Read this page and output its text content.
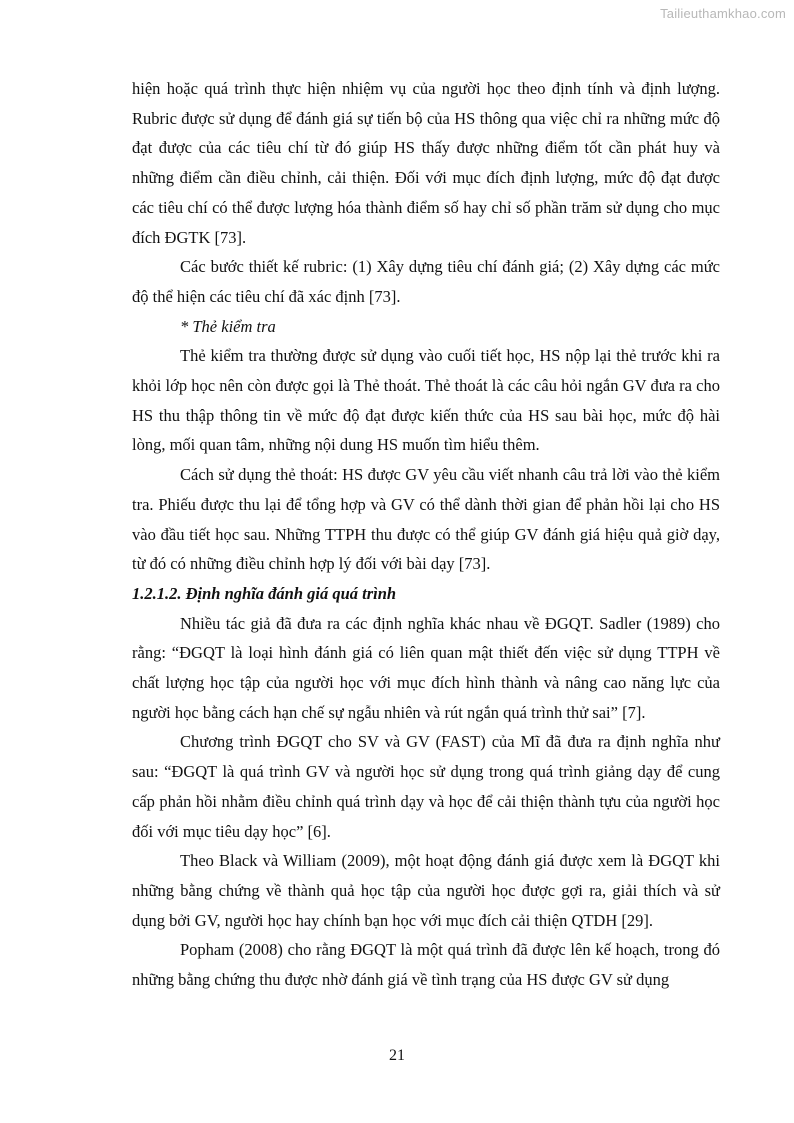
Tailieuthamkhao.com

hiện hoặc quá trình thực hiện nhiệm vụ của người học theo định tính và định lượng. Rubric được sử dụng để đánh giá sự tiến bộ của HS thông qua việc chỉ ra những mức độ đạt được của các tiêu chí từ đó giúp HS thấy được những điểm tốt cần phát huy và những điểm cần điều chỉnh, cải thiện. Đối với mục đích định lượng, mức độ đạt được các tiêu chí có thể được lượng hóa thành điểm số hay chỉ số phần trăm sử dụng cho mục đích ĐGTK [73].

Các bước thiết kế rubric: (1) Xây dựng tiêu chí đánh giá; (2) Xây dựng các mức độ thể hiện các tiêu chí đã xác định [73].

* Thẻ kiểm tra

Thẻ kiểm tra thường được sử dụng vào cuối tiết học, HS nộp lại thẻ trước khi ra khỏi lớp học nên còn được gọi là Thẻ thoát. Thẻ thoát là các câu hỏi ngắn GV đưa ra cho HS thu thập thông tin về mức độ đạt được kiến thức của HS sau bài học, mức độ hài lòng, mối quan tâm, những nội dung HS muốn tìm hiểu thêm.

Cách sử dụng thẻ thoát: HS được GV yêu cầu viết nhanh câu trả lời vào thẻ kiểm tra. Phiếu được thu lại để tổng hợp và GV có thể dành thời gian để phản hồi lại cho HS vào đầu tiết học sau. Những TTPH thu được có thể giúp GV đánh giá hiệu quả giờ dạy, từ đó có những điều chỉnh hợp lý đối với bài dạy [73].

1.2.1.2. Định nghĩa đánh giá quá trình

Nhiều tác giả đã đưa ra các định nghĩa khác nhau về ĐGQT. Sadler (1989) cho rằng: “ĐGQT là loại hình đánh giá có liên quan mật thiết đến việc sử dụng TTPH về chất lượng học tập của người học với mục đích hình thành và nâng cao năng lực của người học bằng cách hạn chế sự ngẫu nhiên và rút ngắn quá trình thử sai” [7].

Chương trình ĐGQT cho SV và GV (FAST) của Mĩ đã đưa ra định nghĩa như sau: “ĐGQT là quá trình GV và người học sử dụng trong quá trình giảng dạy để cung cấp phản hồi nhằm điều chỉnh quá trình dạy và học để cải thiện thành tựu của người học đối với mục tiêu dạy học” [6].

Theo Black và William (2009), một hoạt động đánh giá được xem là ĐGQT khi những bằng chứng về thành quả học tập của người học được gợi ra, giải thích và sử dụng bởi GV, người học hay chính bạn học với mục đích cải thiện QTDH [29].

Popham (2008) cho rằng ĐGQT là một quá trình đã được lên kế hoạch, trong đó những bằng chứng thu được nhờ đánh giá về tình trạng của HS được GV sử dụng

21
